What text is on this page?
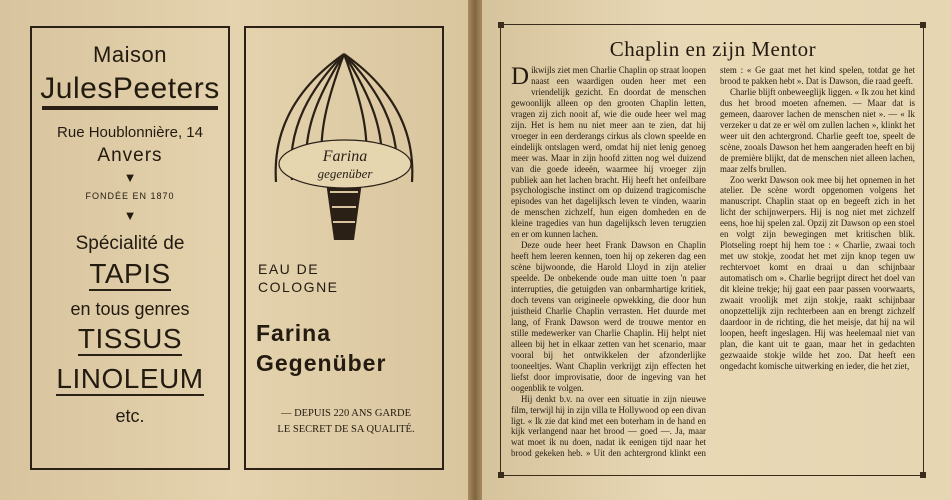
Maison
JulesPeeters
Rue Houblonnière, 14
Anvers
▼
FONDÉE EN 1870
▼
Spécialité de
TAPIS
en tous genres
TISSUS
LINOLEUM
etc.
Farina
gegenüber
EAU DE
COLOGNE
Farina
Gegenüber
— DEPUIS 220 ANS GARDE
LE SECRET DE SA QUALITÉ.
Chaplin en zijn Mentor

Dikwijls ziet men Charlie Chaplin op straat loopen naast een waardigen ouden heer met een vriendelijk gezicht. En doordat de menschen gewoonlijk alleen op den grooten Chaplin letten, vragen zij zich nooit af, wie die oude heer wel mag zijn. Het is hem nu niet meer aan te zien, dat hij vroeger in een derderangs cirkus als clown speelde en eindelijk ontslagen werd, omdat hij niet lenig genoeg meer was. Maar in zijn hoofd zitten nog wel duizend van die goede ideeën, waarmee hij vroeger zijn publiek aan het lachen bracht. Hij heeft het onfeilbare psychologische instinct om op duizend tragicomische episodes van het dagelijksch leven te vinden, waarin de menschen zichzelf, hun eigen domheden en de kleine tragedies van hun dagelijksch leven terugzien en er om kunnen lachen.

Deze oude heer heet Frank Dawson en Chaplin heeft hem leeren kennen, toen hij op zekeren dag een scène bijwoonde, die Harold Lloyd in zijn atelier speelde. De onbekende oude man uitte toen 'n paar interrupties, die getuigden van onbarmhartige kritiek, doch tevens van origineele opwekking, die door hun juistheid Charlie Chaplin verrasten. Het duurde met lang, of Frank Dawson werd de trouwe mentor en stille medewerker van Charlie Chaplin. Hij helpt niet alleen bij het in elkaar zetten van het scenario, maar vooral bij het ontwikkelen der afzonderlijke tooneeltjes. Want Chaplin verkrijgt zijn effecten het liefst door improvisatie, door de ingeving van het oogenblik te volgen.

Hij denkt b.v. na over een situatie in zijn nieuwe film, terwijl hij in zijn villa te Hollywood op een divan ligt. « Ik zie dat kind met een boterham in de hand en kijk verlangend naar het brood — goed —. Ja, maar wat moet ik nu doen, nadat ik eenigen tijd naar het brood gekeken heb. » Uit den achtergrond klinkt een stem : « Ge gaat met het kind spelen, totdat ge het brood te pakken hebt ». Dat is Dawson, die raad geeft.

Charlie blijft onbeweeglijk liggen. « Ik zou het kind dus het brood moeten afnemen. — Maar dat is gemeen, daarover lachen de menschen niet ». — « Ik verzeker u dat ze er wèl om zullen lachen », klinkt het weer uit den achtergrond. Charlie geeft toe, speelt de scène, zooals Dawson het hem aangeraden heeft en bij de première blijkt, dat de menschen niet alleen lachen, maar zelfs brullen.

Zoo werkt Dawson ook mee bij het opnemen in het atelier. De scène wordt opgenomen volgens het manuscript. Chaplin staat op en begeeft zich in het licht der schijnwerpers. Hij is nog niet met zichzelf eens, hoe hij spelen zal. Opzij zit Dawson op een stoel en volgt zijn bewegingen met kritischen blik. Plotseling roept hij hem toe : « Charlie, zwaai toch met uw stokje, zoodat het met zijn knop tegen uw rechtervoet komt en draai u dan schijnbaar automatisch om ». Charlie begrijpt direct het doel van dit kleine trekje; hij gaat een paar passen voorwaarts, zwaait vroolijk met zijn stokje, raakt schijnbaar onopzettelijk zijn rechterbeen aan en brengt zichzelf daardoor in de richting, die het meisje, dat hij na wil loopen, heeft ingeslagen. Hij was heelemaal niet van plan, die kant uit te gaan, maar het in gedachten gezwaaide stokje wilde het zoo. Dat heeft een ongedacht komische uitwerking en ieder, die het ziet,
